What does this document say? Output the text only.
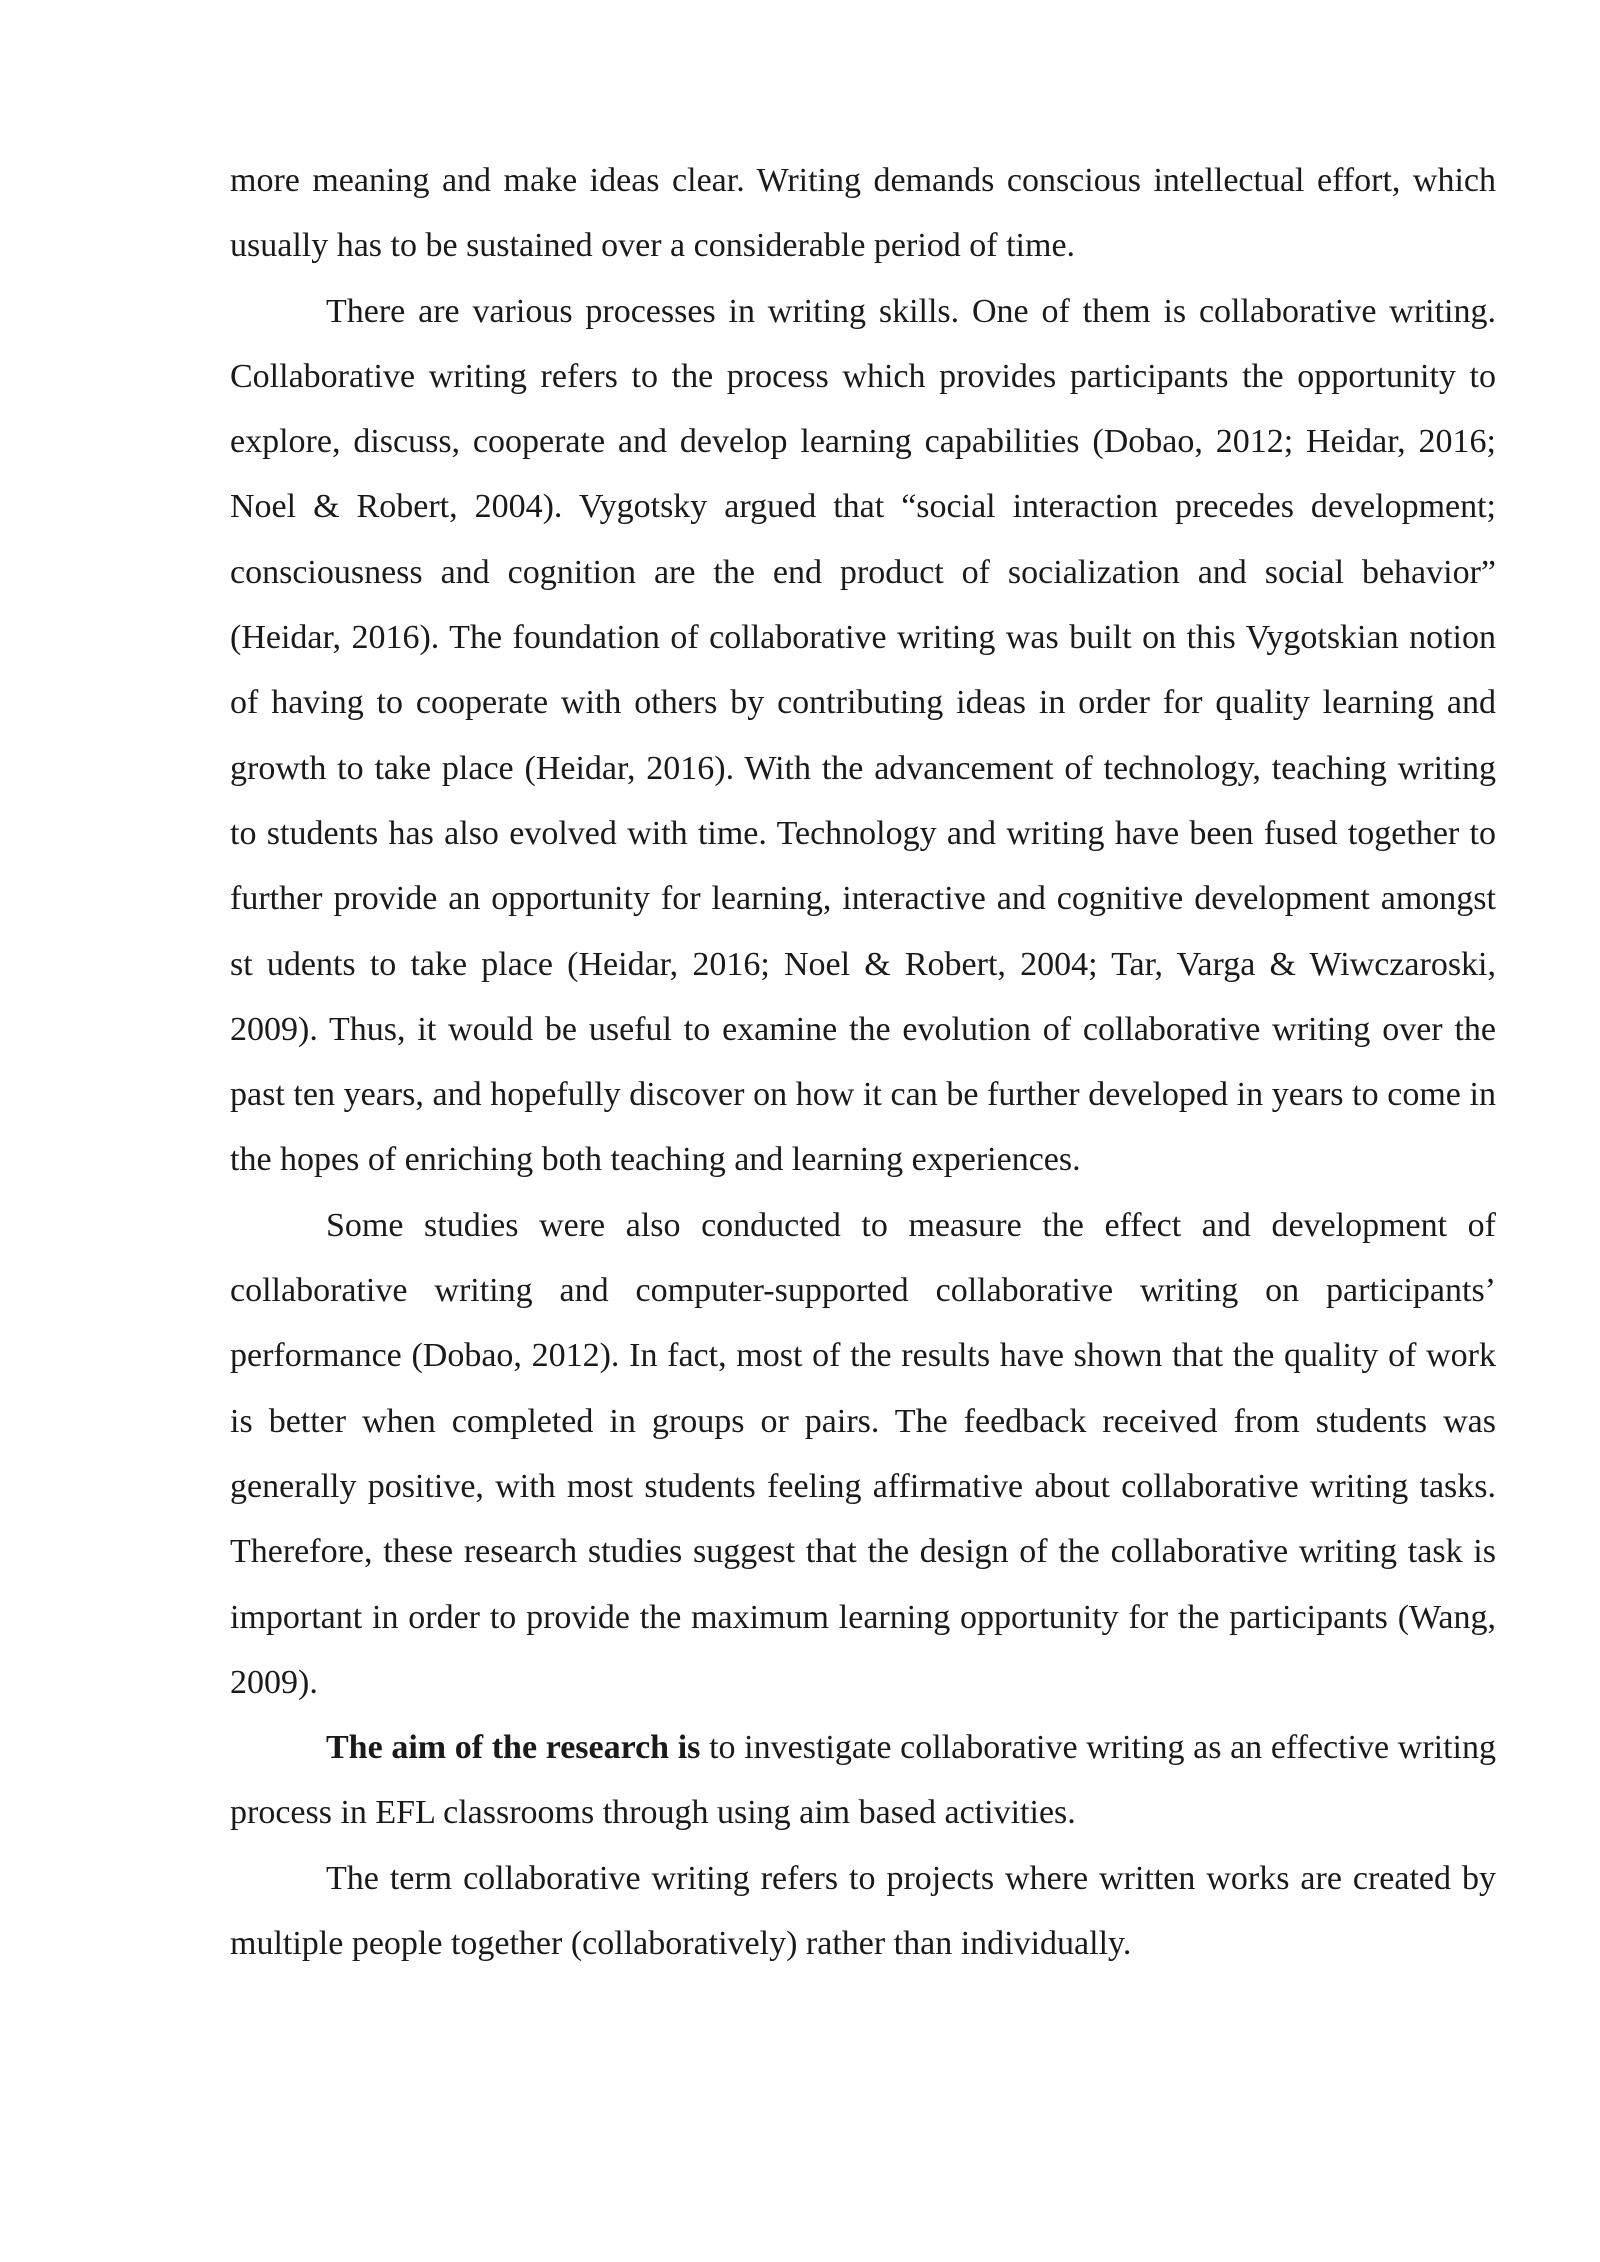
more meaning and make ideas clear. Writing demands conscious intellectual effort, which usually has to be sustained over a considerable period of time.

There are various processes in writing skills. One of them is collaborative writing. Collaborative writing refers to the process which provides participants the opportunity to explore, discuss, cooperate and develop learning capabilities (Dobao, 2012; Heidar, 2016; Noel & Robert, 2004). Vygotsky argued that “social interaction precedes development; consciousness and cognition are the end product of socialization and social behavior” (Heidar, 2016). The foundation of collaborative writing was built on this Vygotskian notion of having to cooperate with others by contributing ideas in order for quality learning and growth to take place (Heidar, 2016). With the advancement of technology, teaching writing to students has also evolved with time. Technology and writing have been fused together to further provide an opportunity for learning, interactive and cognitive development amongst st udents to take place (Heidar, 2016; Noel & Robert, 2004; Tar, Varga & Wiwczaroski, 2009). Thus, it would be useful to examine the evolution of collaborative writing over the past ten years, and hopefully discover on how it can be further developed in years to come in the hopes of enriching both teaching and learning experiences.

Some studies were also conducted to measure the effect and development of collaborative writing and computer-supported collaborative writing on participants’ performance (Dobao, 2012). In fact, most of the results have shown that the quality of work is better when completed in groups or pairs. The feedback received from students was generally positive, with most students feeling affirmative about collaborative writing tasks. Therefore, these research studies suggest that the design of the collaborative writing task is important in order to provide the maximum learning opportunity for the participants (Wang, 2009).

The aim of the research is to investigate collaborative writing as an effective writing process in EFL classrooms through using aim based activities.

The term collaborative writing refers to projects where written works are created by multiple people together (collaboratively) rather than individually.
